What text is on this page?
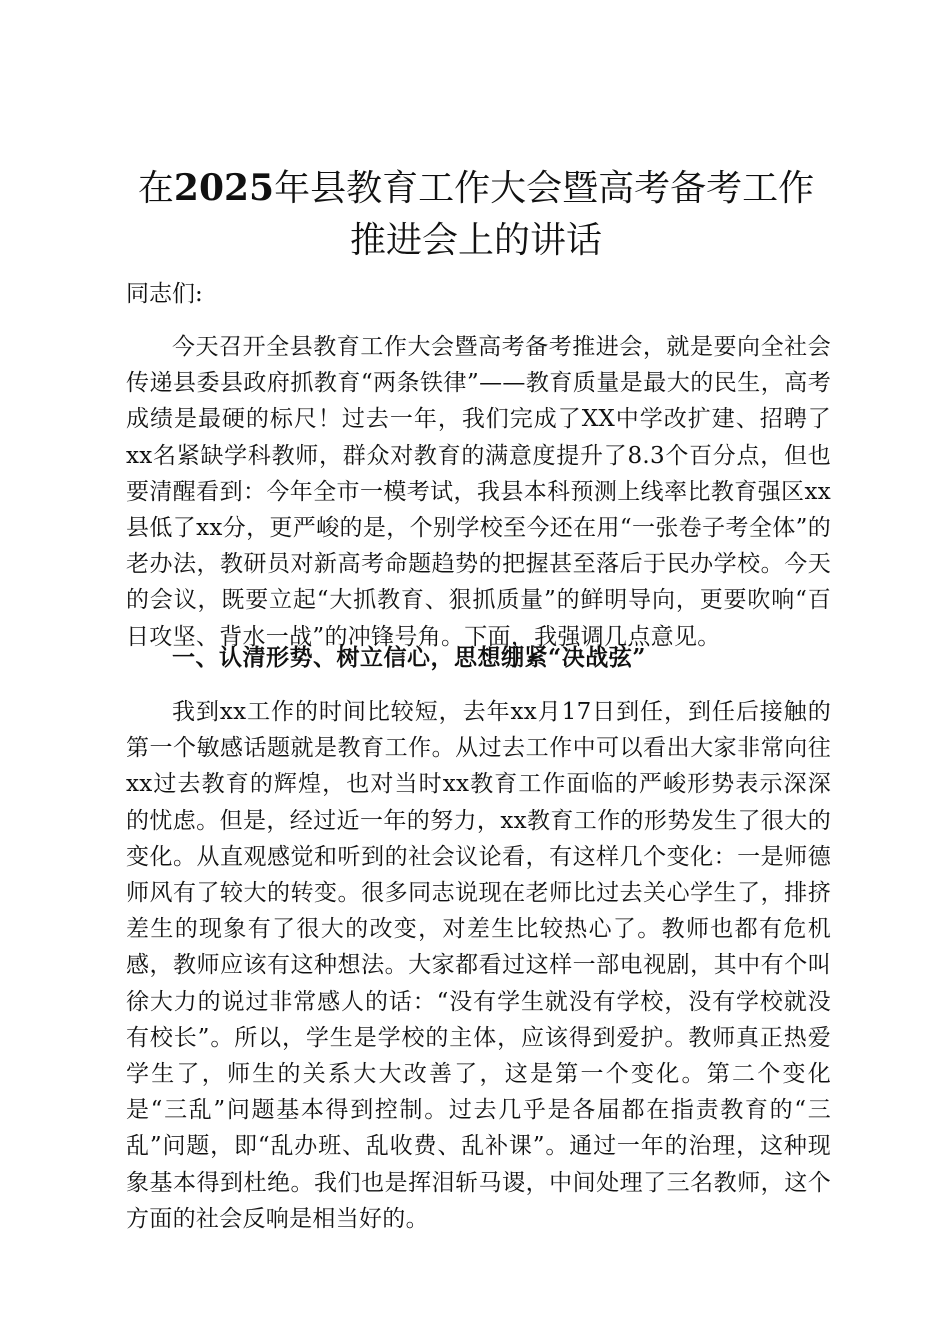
在2025年县教育工作大会暨高考备考工作推进会上的讲话

同志们:

今天召开全县教育工作大会暨高考备考推进会，就是要向全社会传递县委县政府抓教育“两条铁律”——教育质量是最大的民生，高考成绩是最硬的标尺！过去一年，我们完成了XX中学改扩建、招聘了xx名紧缺学科教师，群众对教育的满意度提升了8.3个百分点，但也要清醒看到：今年全市一模考试，我县本科预测上线率比教育强区xx县低了xx分，更严峻的是，个别学校至今还在用“一张卷子考全体”的老办法，教研员对新高考命题趋势的把握甚至落后于民办学校。今天的会议，既要立起“大抓教育、狠抓质量”的鲜明导向，更要吹响“百日攻坚、背水一战”的冲锋号角。下面，我强调几点意见。

一、认清形势、树立信心，思想绷紧“决战弦”

我到xx工作的时间比较短，去年xx月17日到任，到任后接触的第一个敏感话题就是教育工作。从过去工作中可以看出大家非常向往xx过去教育的辉煌，也对当时xx教育工作面临的严峻形势表示深深的忧虑。但是，经过近一年的努力，xx教育工作的形势发生了很大的变化。从直观感觉和听到的社会议论看，有这样几个变化：一是师德师风有了较大的转变。很多同志说现在老师比过去关心学生了，排挤差生的现象有了很大的改变，对差生比较热心了。教师也都有危机感，教师应该有这种想法。大家都看过这样一部电视剧，其中有个叫徐大力的说过非常感人的话：“没有学生就没有学校，没有学校就没有校长”。所以，学生是学校的主体，应该得到爱护。教师真正热爱学生了，师生的关系大大改善了，这是第一个变化。第二个变化是“三乱”问题基本得到控制。过去几乎是各届都在指责教育的“三乱”问题，即“乱办班、乱收费、乱补课”。通过一年的治理，这种现象基本得到杜绝。我们也是挥泪斩马谡，中间处理了三名教师，这个方面的社会反响是相当好的。
